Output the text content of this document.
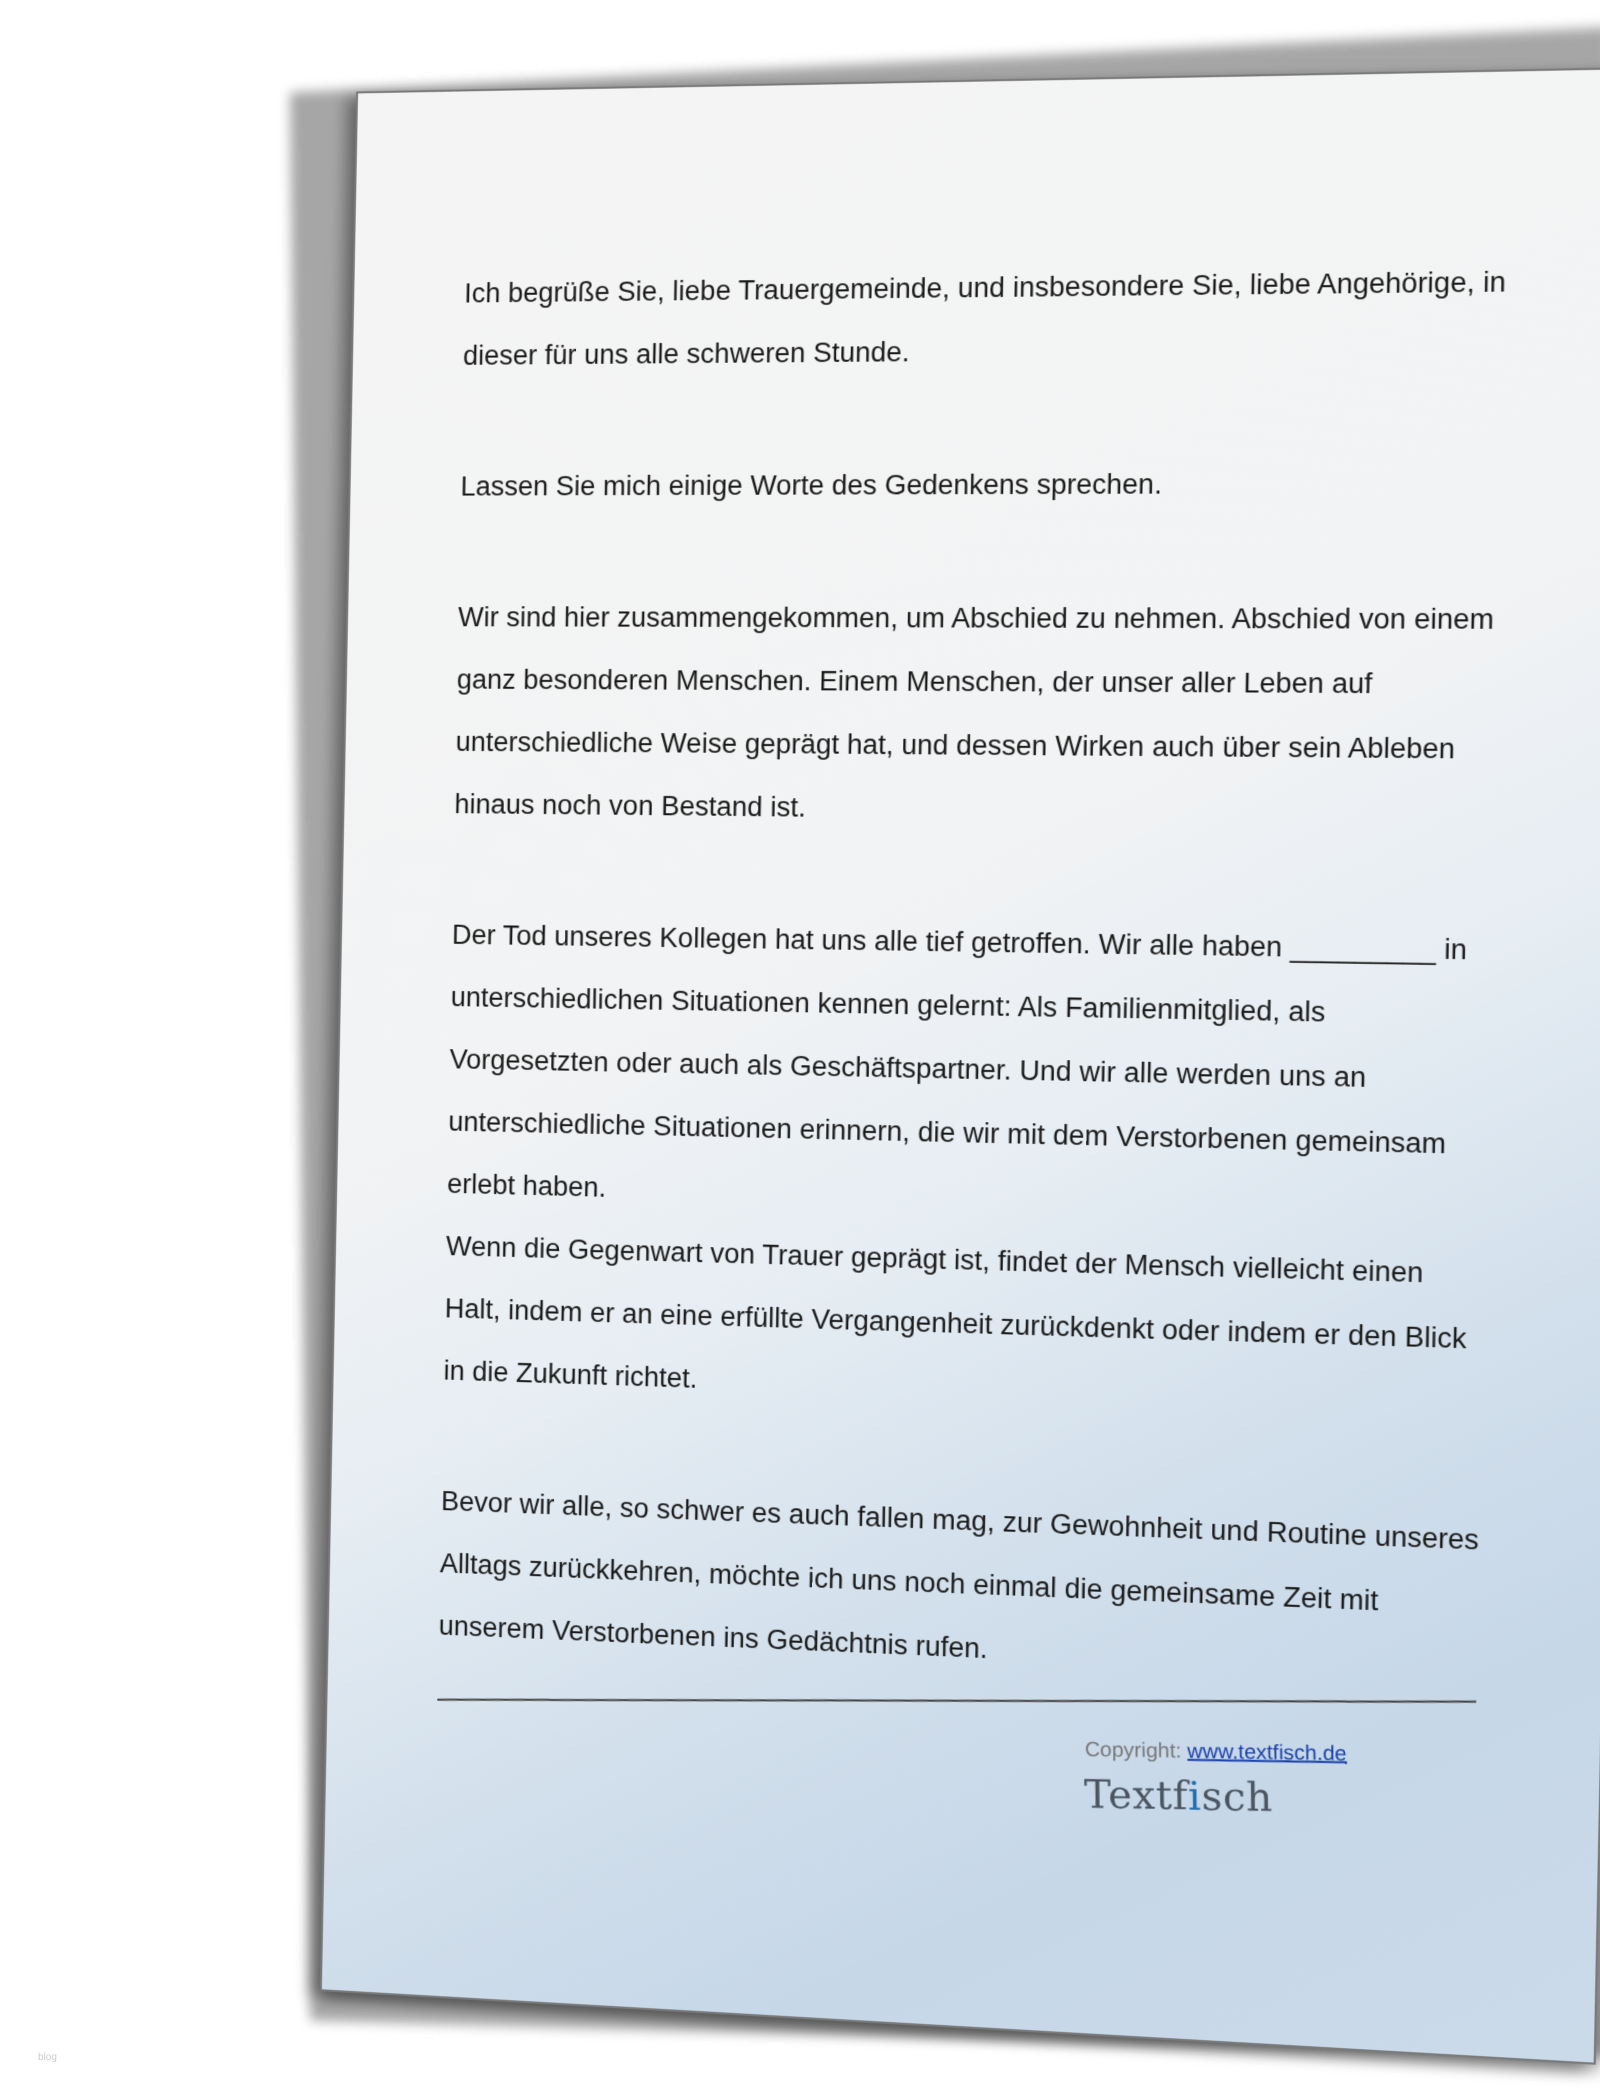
Ich begrüße Sie, liebe Trauergemeinde, und insbesondere Sie, liebe Angehörige, in dieser für uns alle schweren Stunde.

Lassen Sie mich einige Worte des Gedenkens sprechen.

Wir sind hier zusammengekommen, um Abschied zu nehmen. Abschied von einem ganz besonderen Menschen. Einem Menschen, der unser aller Leben auf unterschiedliche Weise geprägt hat, und dessen Wirken auch über sein Ableben hinaus noch von Bestand ist.

Der Tod unseres Kollegen hat uns alle tief getroffen. Wir alle haben _________ in unterschiedlichen Situationen kennen gelernt: Als Familienmitglied, als Vorgesetzten oder auch als Geschäftspartner. Und wir alle werden uns an unterschiedliche Situationen erinnern, die wir mit dem Verstorbenen gemeinsam erlebt haben.

Wenn die Gegenwart von Trauer geprägt ist, findet der Mensch vielleicht einen Halt, indem er an eine erfüllte Vergangenheit zurückdenkt oder indem er den Blick in die Zukunft richtet.

Bevor wir alle, so schwer es auch fallen mag, zur Gewohnheit und Routine unseres Alltags zurückkehren, möchte ich uns noch einmal die gemeinsame Zeit mit unserem Verstorbenen ins Gedächtnis rufen.

Copyright: www.textfisch.de
Textfisch
blog
